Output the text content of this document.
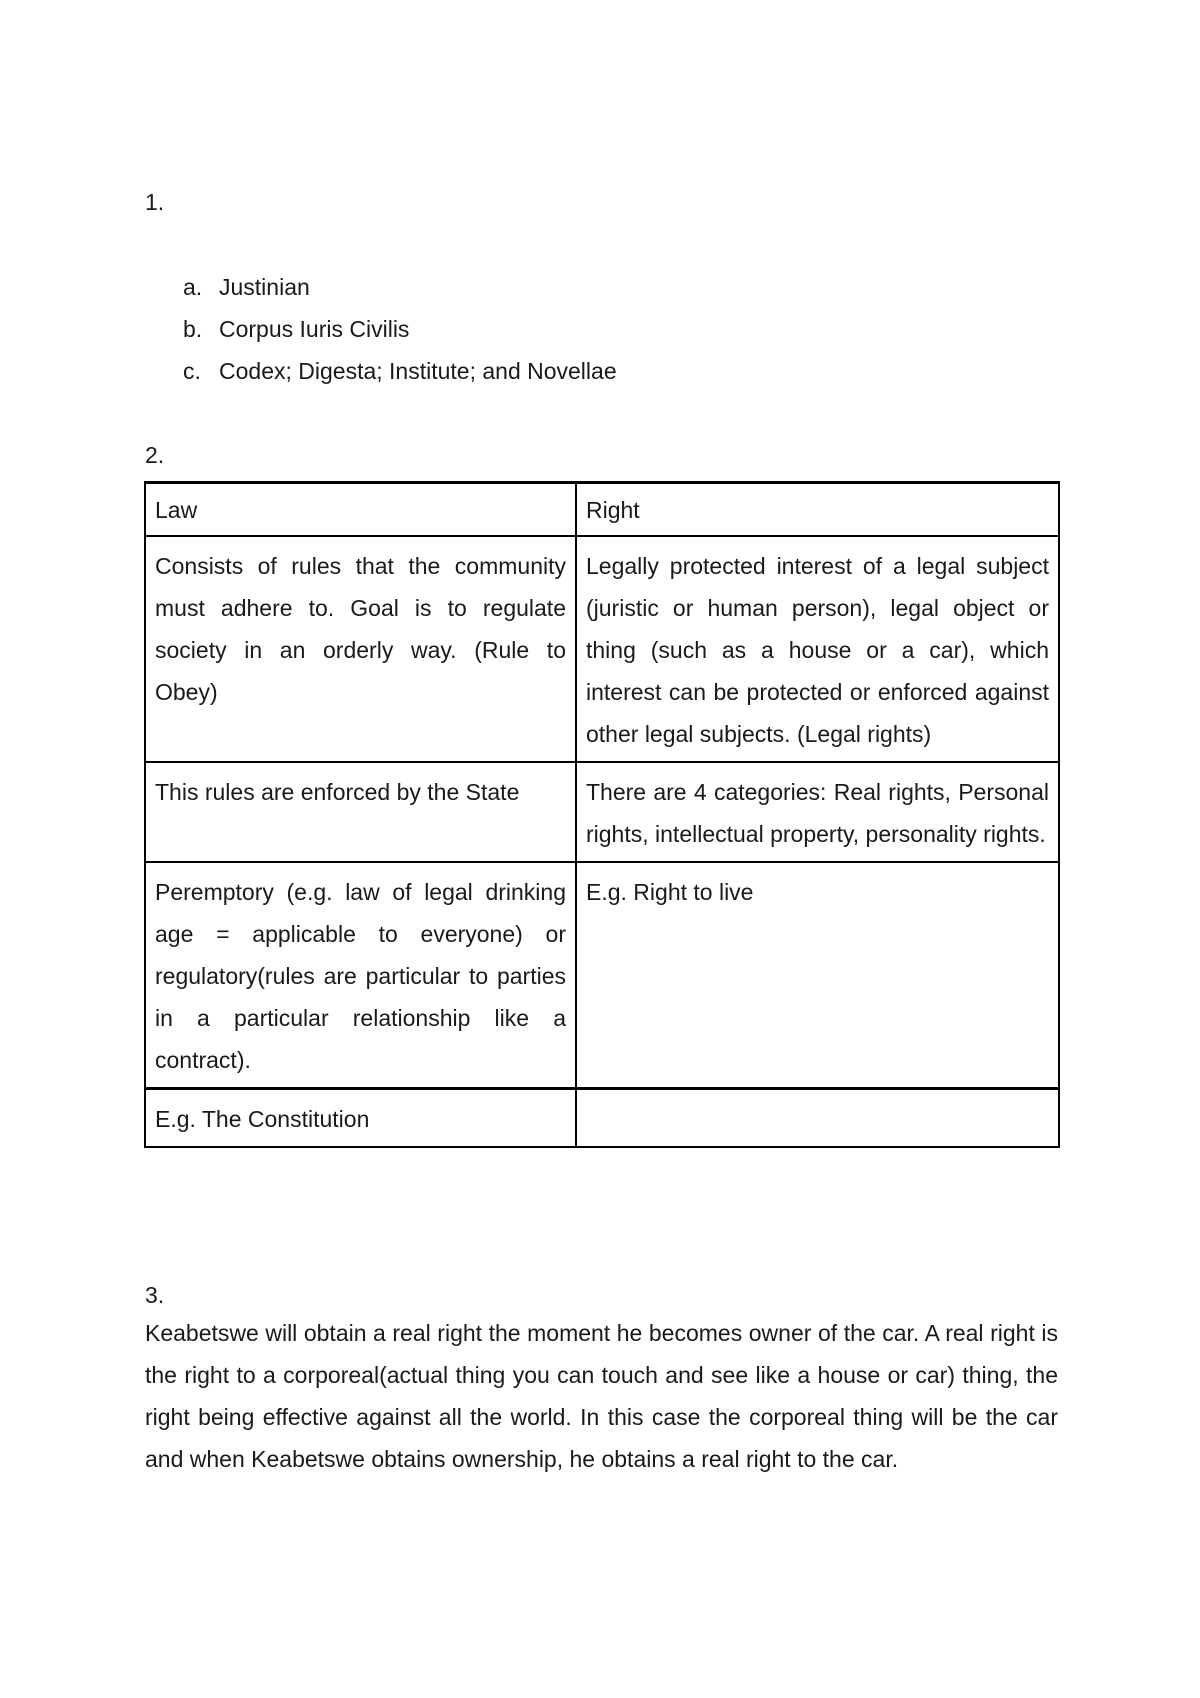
1.
a. Justinian
b. Corpus Iuris Civilis
c. Codex; Digesta; Institute; and Novellae
2.
Law	Right
Consists of rules that the community must adhere to. Goal is to regulate society in an orderly way. (Rule to Obey)	Legally protected interest of a legal subject (juristic or human person), legal object or thing (such as a house or a car), which interest can be protected or enforced against other legal subjects. (Legal rights)
This rules are enforced by the State	There are 4 categories: Real rights, Personal rights, intellectual property, personality rights.
Peremptory (e.g. law of legal drinking age = applicable to everyone) or regulatory(rules are particular to parties in a particular relationship like a contract).	E.g. Right to live
E.g. The Constitution	
3.

Keabetswe will obtain a real right the moment he becomes owner of the car. A real right is the right to a corporeal(actual thing you can touch and see like a house or car) thing, the right being effective against all the world. In this case the corporeal thing will be the car and when Keabetswe obtains ownership, he obtains a real right to the car.
